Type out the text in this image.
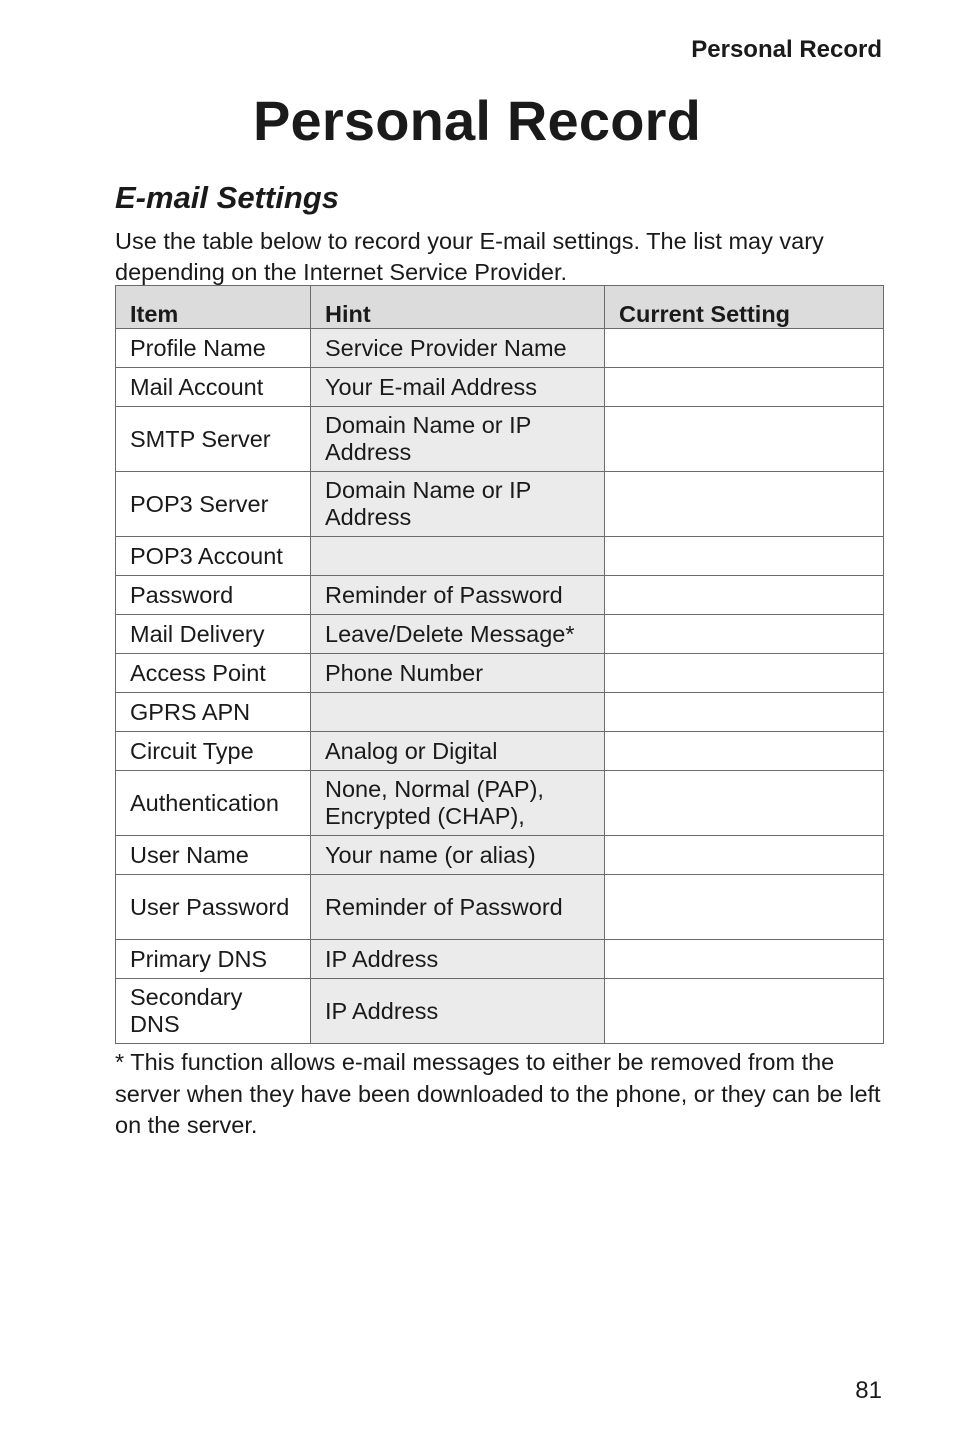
Personal Record

Personal Record
E-mail Settings

Use the table below to record your E-mail settings. The list may vary depending on the Internet Service Provider.

Item	Hint	Current Setting
Profile Name	Service Provider Name	
Mail Account	Your E-mail Address	
SMTP Server	Domain Name or IP Address	
POP3 Server	Domain Name or IP Address	
POP3 Account		
Password	Reminder of Password	
Mail Delivery	Leave/Delete Message*	
Access Point	Phone Number	
GPRS APN		
Circuit Type	Analog or Digital	
Authentication	None, Normal (PAP), Encrypted (CHAP),	
User Name	Your name (or alias)	
User Password	Reminder of Password	
Primary DNS	IP Address	
Secondary DNS	IP Address	

* This function allows e-mail messages to either be removed from the server when they have been downloaded to the phone, or they can be left on the server.

81
